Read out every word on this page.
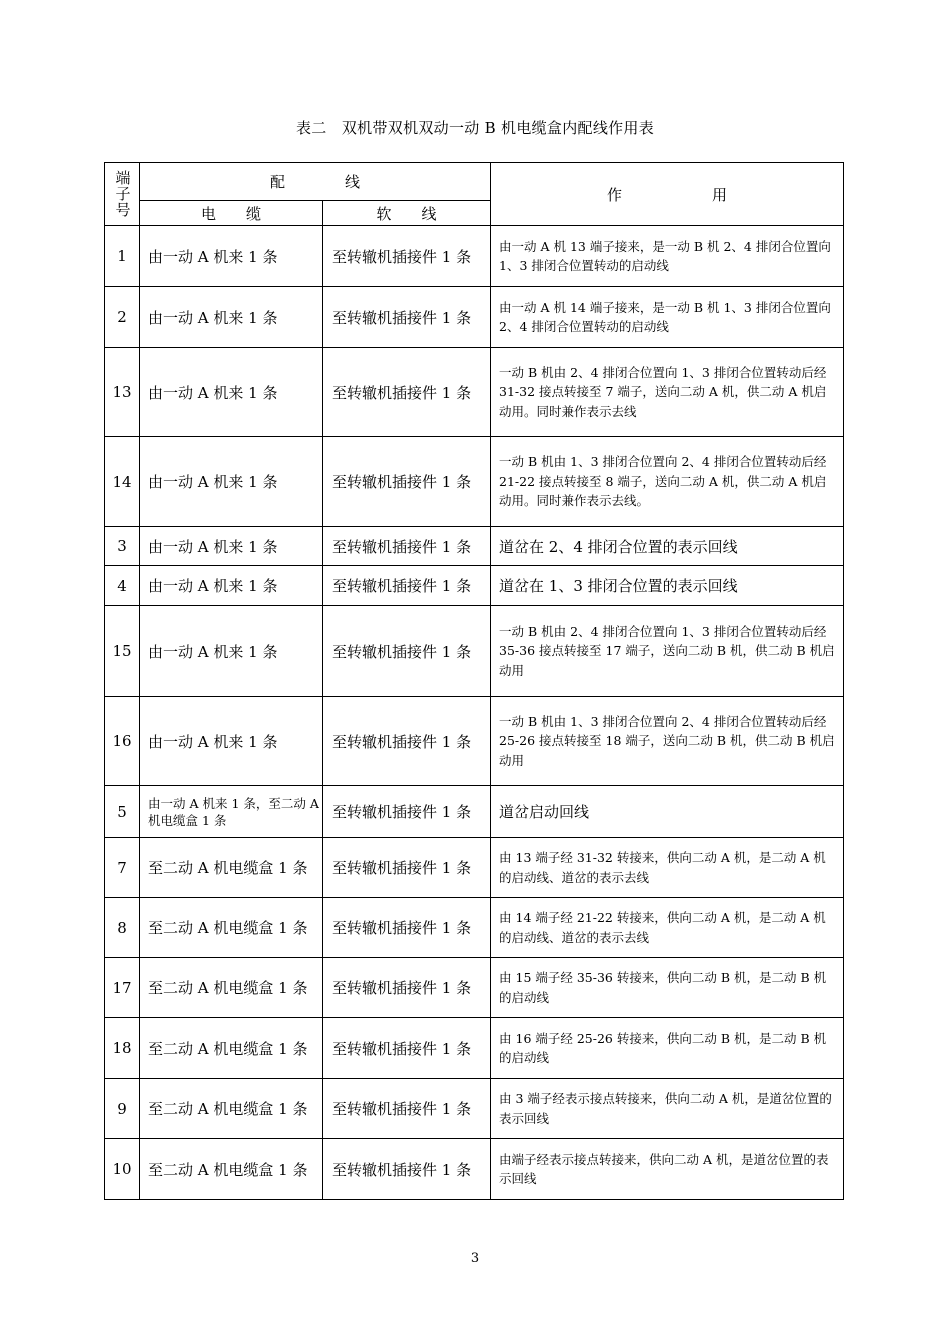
表二　双机带双机双动一动 B 机电缆盒内配线作用表
端子号	配　　　　线		作　　　　　　用
	电　　缆	软　　线	
1	由一动 A 机来 1 条	至转辙机插接件 1 条	由一动 A 机 13 端子接来，是一动 B 机 2、4 排闭合位置向 1、3 排闭合位置转动的启动线
2	由一动 A 机来 1 条	至转辙机插接件 1 条	由一动 A 机 14 端子接来，是一动 B 机 1、3 排闭合位置向 2、4 排闭合位置转动的启动线
13	由一动 A 机来 1 条	至转辙机插接件 1 条	一动 B 机由 2、4 排闭合位置向 1、3 排闭合位置转动后经 31-32 接点转接至 7 端子，送向二动 A 机，供二动 A 机启动用。同时兼作表示去线
14	由一动 A 机来 1 条	至转辙机插接件 1 条	一动 B 机由 1、3 排闭合位置向 2、4 排闭合位置转动后经 21-22 接点转接至 8 端子，送向二动 A 机，供二动 A 机启动用。同时兼作表示去线。
3	由一动 A 机来 1 条	至转辙机插接件 1 条	道岔在 2、4 排闭合位置的表示回线
4	由一动 A 机来 1 条	至转辙机插接件 1 条	道岔在 1、3 排闭合位置的表示回线
15	由一动 A 机来 1 条	至转辙机插接件 1 条	一动 B 机由 2、4 排闭合位置向 1、3 排闭合位置转动后经 35-36 接点转接至 17 端子，送向二动 B 机，供二动 B 机启动用
16	由一动 A 机来 1 条	至转辙机插接件 1 条	一动 B 机由 1、3 排闭合位置向 2、4 排闭合位置转动后经 25-26 接点转接至 18 端子，送向二动 B 机，供二动 B 机启动用
5	由一动 A 机来 1 条，至二动 A 机电缆盒 1 条	至转辙机插接件 1 条	道岔启动回线
7	至二动 A 机电缆盒 1 条	至转辙机插接件 1 条	由 13 端子经 31-32 转接来，供向二动 A 机，是二动 A 机的启动线、道岔的表示去线
8	至二动 A 机电缆盒 1 条	至转辙机插接件 1 条	由 14 端子经 21-22 转接来，供向二动 A 机，是二动 A 机的启动线、道岔的表示去线
17	至二动 A 机电缆盒 1 条	至转辙机插接件 1 条	由 15 端子经 35-36 转接来，供向二动 B 机，是二动 B 机的启动线
18	至二动 A 机电缆盒 1 条	至转辙机插接件 1 条	由 16 端子经 25-26 转接来，供向二动 B 机，是二动 B 机的启动线
9	至二动 A 机电缆盒 1 条	至转辙机插接件 1 条	由 3 端子经表示接点转接来，供向二动 A 机，是道岔位置的表示回线
10	至二动 A 机电缆盒 1 条	至转辙机插接件 1 条	由端子经表示接点转接来，供向二动 A 机，是道岔位置的表示回线
3
